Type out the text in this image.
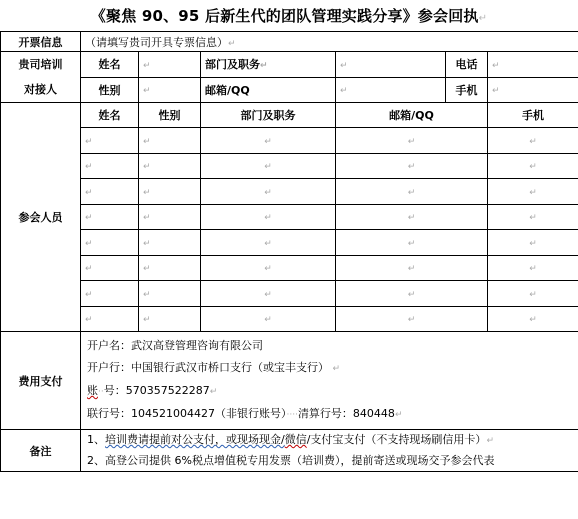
《聚焦 90、95 后新生代的团队管理实践分享》参会回执↵
开票信息	（请填写贵司开具专票信息）↵					

贵司培训
对接人	姓名	↵	部门及职务↵	↵	电话	↵
	性别	↵	邮箱/QQ	↵	手机	↵
参会人员	姓名	性别	部门及职务	邮箱/QQ		手机
	↵	↵	↵	↵		↵
	↵	↵	↵	↵		↵
	↵	↵	↵	↵		↵
	↵	↵	↵	↵		↵
	↵	↵	↵	↵		↵
	↵	↵	↵	↵		↵
	↵	↵	↵	↵		↵
	↵	↵	↵	↵		↵
费用支付	开户名：武汉高登管理咨询有限公司
开户行：中国银行武汉市桥口支行（或宝丰支行） ↵
账··号：570357522287↵
联行号：104521004427（非银行账号）····清算行号：840448↵					

备注	1、培训费请提前对公支付，或现场现金/微信/支付宝支付（不支持现场刷信用卡）↵
2、高登公司提供 6%税点增值税专用发票（培训费），提前寄送或现场交予参会代表					
